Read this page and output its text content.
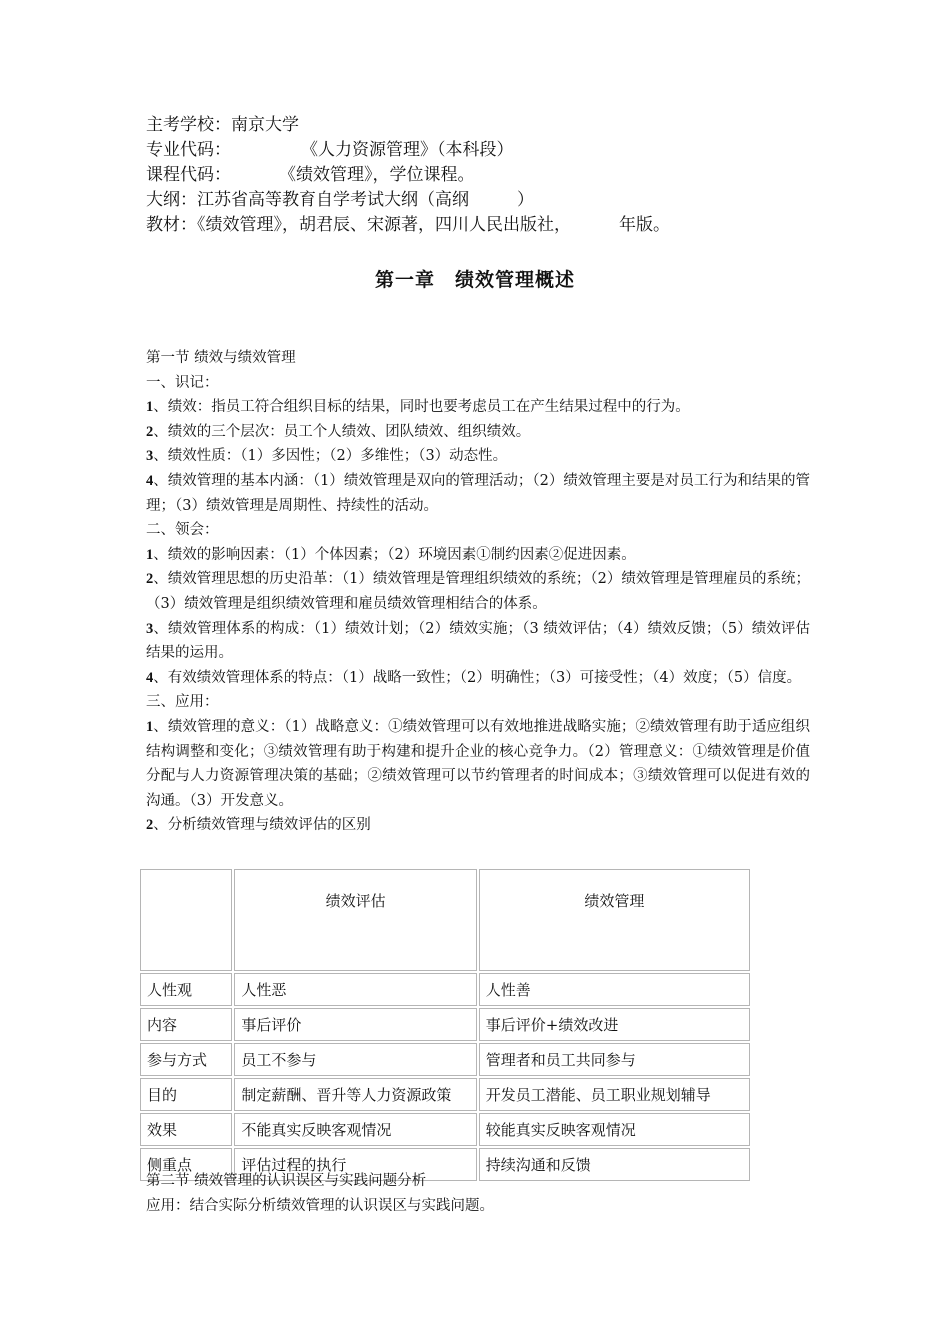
主考学校：南京大学
专业代码：	《人力资源管理》（本科段）
课程代码：	《绩效管理》，学位课程。
大纲：江苏省高等教育自学考试大纲（高纲	）
教材：《绩效管理》，胡君辰、宋源著，四川人民出版社，	年版。
第一章　绩效管理概述

第一节 绩效与绩效管理

一、识记：

1、绩效：指员工符合组织目标的结果，同时也要考虑员工在产生结果过程中的行为。

2、绩效的三个层次：员工个人绩效、团队绩效、组织绩效。

3、绩效性质：（1）多因性；（2）多维性；（3）动态性。

4、绩效管理的基本内涵：（1）绩效管理是双向的管理活动；（2）绩效管理主要是对员工行为和结果的管理；（3）绩效管理是周期性、持续性的活动。

二、领会：

1、绩效的影响因素：（1）个体因素；（2）环境因素①制约因素②促进因素。

2、绩效管理思想的历史沿革：（1）绩效管理是管理组织绩效的系统；（2）绩效管理是管理雇员的系统；（3）绩效管理是组织绩效管理和雇员绩效管理相结合的体系。

3、绩效管理体系的构成：（1）绩效计划；（2）绩效实施；（3 绩效评估；（4）绩效反馈；（5）绩效评估结果的运用。

4、有效绩效管理体系的特点：（1）战略一致性；（2）明确性；（3）可接受性；（4）效度；（5）信度。

三、应用：

1、绩效管理的意义：（1）战略意义：①绩效管理可以有效地推进战略实施；②绩效管理有助于适应组织结构调整和变化；③绩效管理有助于构建和提升企业的核心竞争力。（2）管理意义：①绩效管理是价值分配与人力资源管理决策的基础；②绩效管理可以节约管理者的时间成本；③绩效管理可以促进有效的沟通。（3）开发意义。

2、分析绩效管理与绩效评估的区别

	绩效评估	绩效管理
人性观	人性恶	人性善
内容	事后评价	事后评价+绩效改进
参与方式	员工不参与	管理者和员工共同参与
目的	制定薪酬、晋升等人力资源政策	开发员工潜能、员工职业规划辅导
效果	不能真实反映客观情况	较能真实反映客观情况
侧重点	评估过程的执行	持续沟通和反馈

第二节 绩效管理的认识误区与实践问题分析

应用：结合实际分析绩效管理的认识误区与实践问题。
